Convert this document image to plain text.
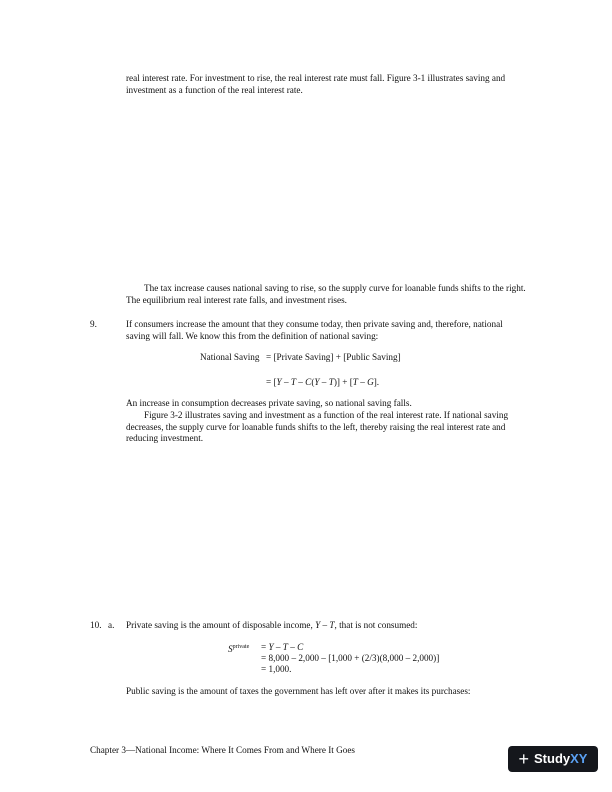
real interest rate. For investment to rise, the real interest rate must fall. Figure 3-1 illustrates saving and investment as a function of the real interest rate.

The tax increase causes national saving to rise, so the supply curve for loanable funds shifts to the right. The equilibrium real interest rate falls, and investment rises.

9.	If consumers increase the amount that they consume today, then private saving and, therefore, national saving will fall. We know this from the definition of national saving:

National Saving = [Private Saving] + [Public Saving]
= [Y – T – C(Y – T)] + [T – G].

An increase in consumption decreases private saving, so national saving falls.

Figure 3-2 illustrates saving and investment as a function of the real interest rate. If national saving decreases, the supply curve for loanable funds shifts to the left, thereby raising the real interest rate and reducing investment.

10. a. Private saving is the amount of disposable income, Y – T, that is not consumed:

$S^{private} = Y - T - C$
= 8,000 – 2,000 – [1,000 + (2/3)(8,000 – 2,000)]
= 1,000.

Public saving is the amount of taxes the government has left over after it makes its purchases:

Chapter 3—National Income: Where It Comes From and Where It Goes	+ Study XY
